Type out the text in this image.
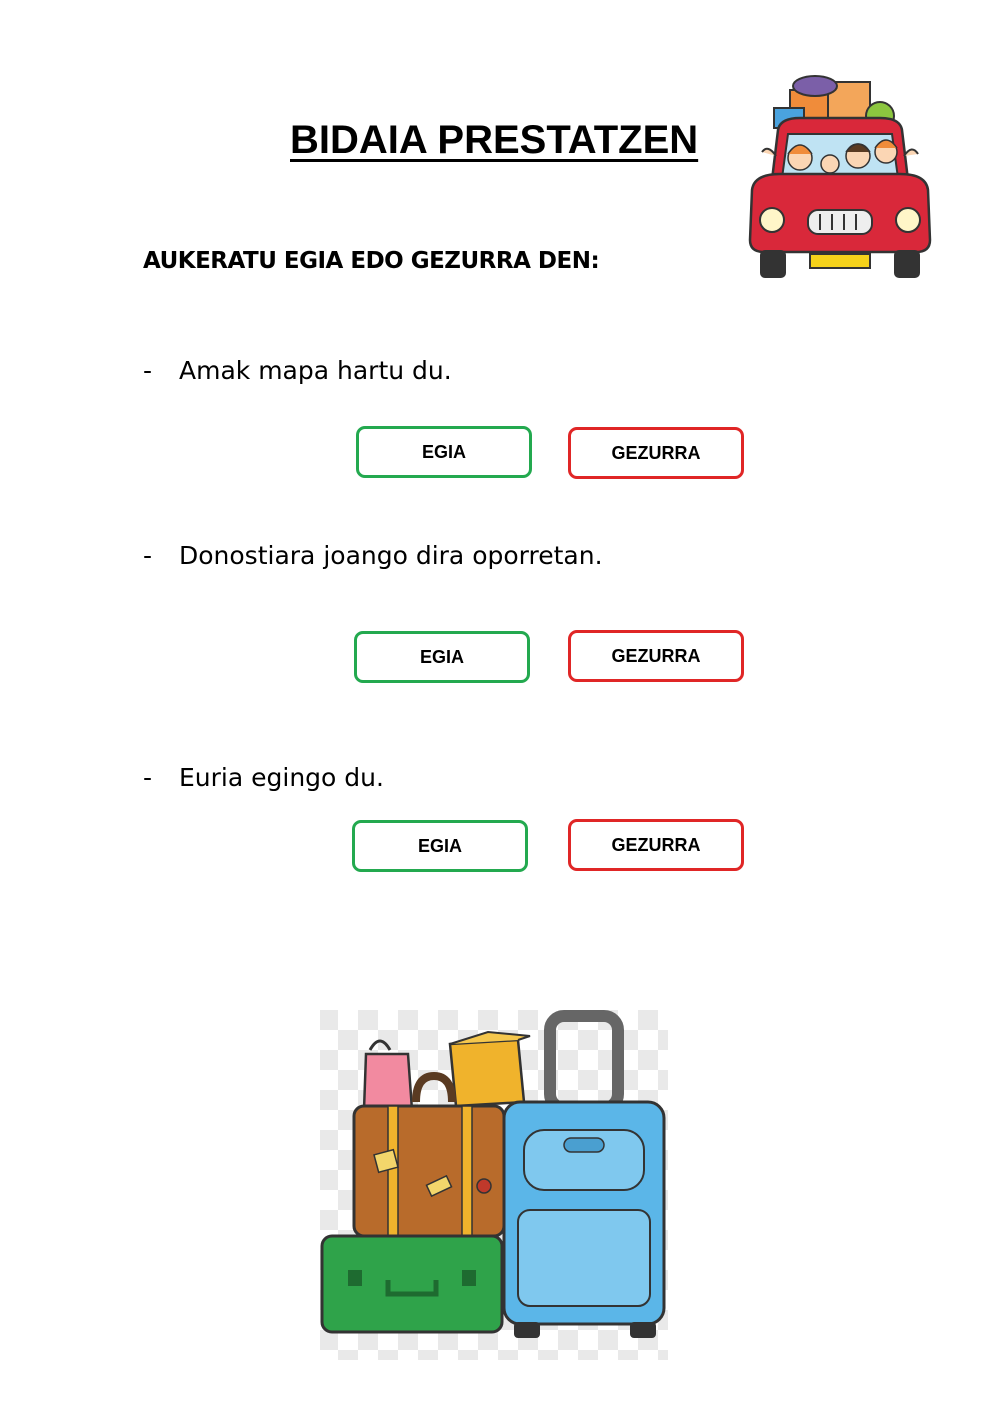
BIDAIA PRESTATZEN

AUKERATU EGIA EDO GEZURRA DEN:

- Amak mapa hartu du.

EGIA	GEZURRA

- Donostiara joango dira oporretan.

EGIA	GEZURRA

- Euria egingo du.

EGIA	GEZURRA
